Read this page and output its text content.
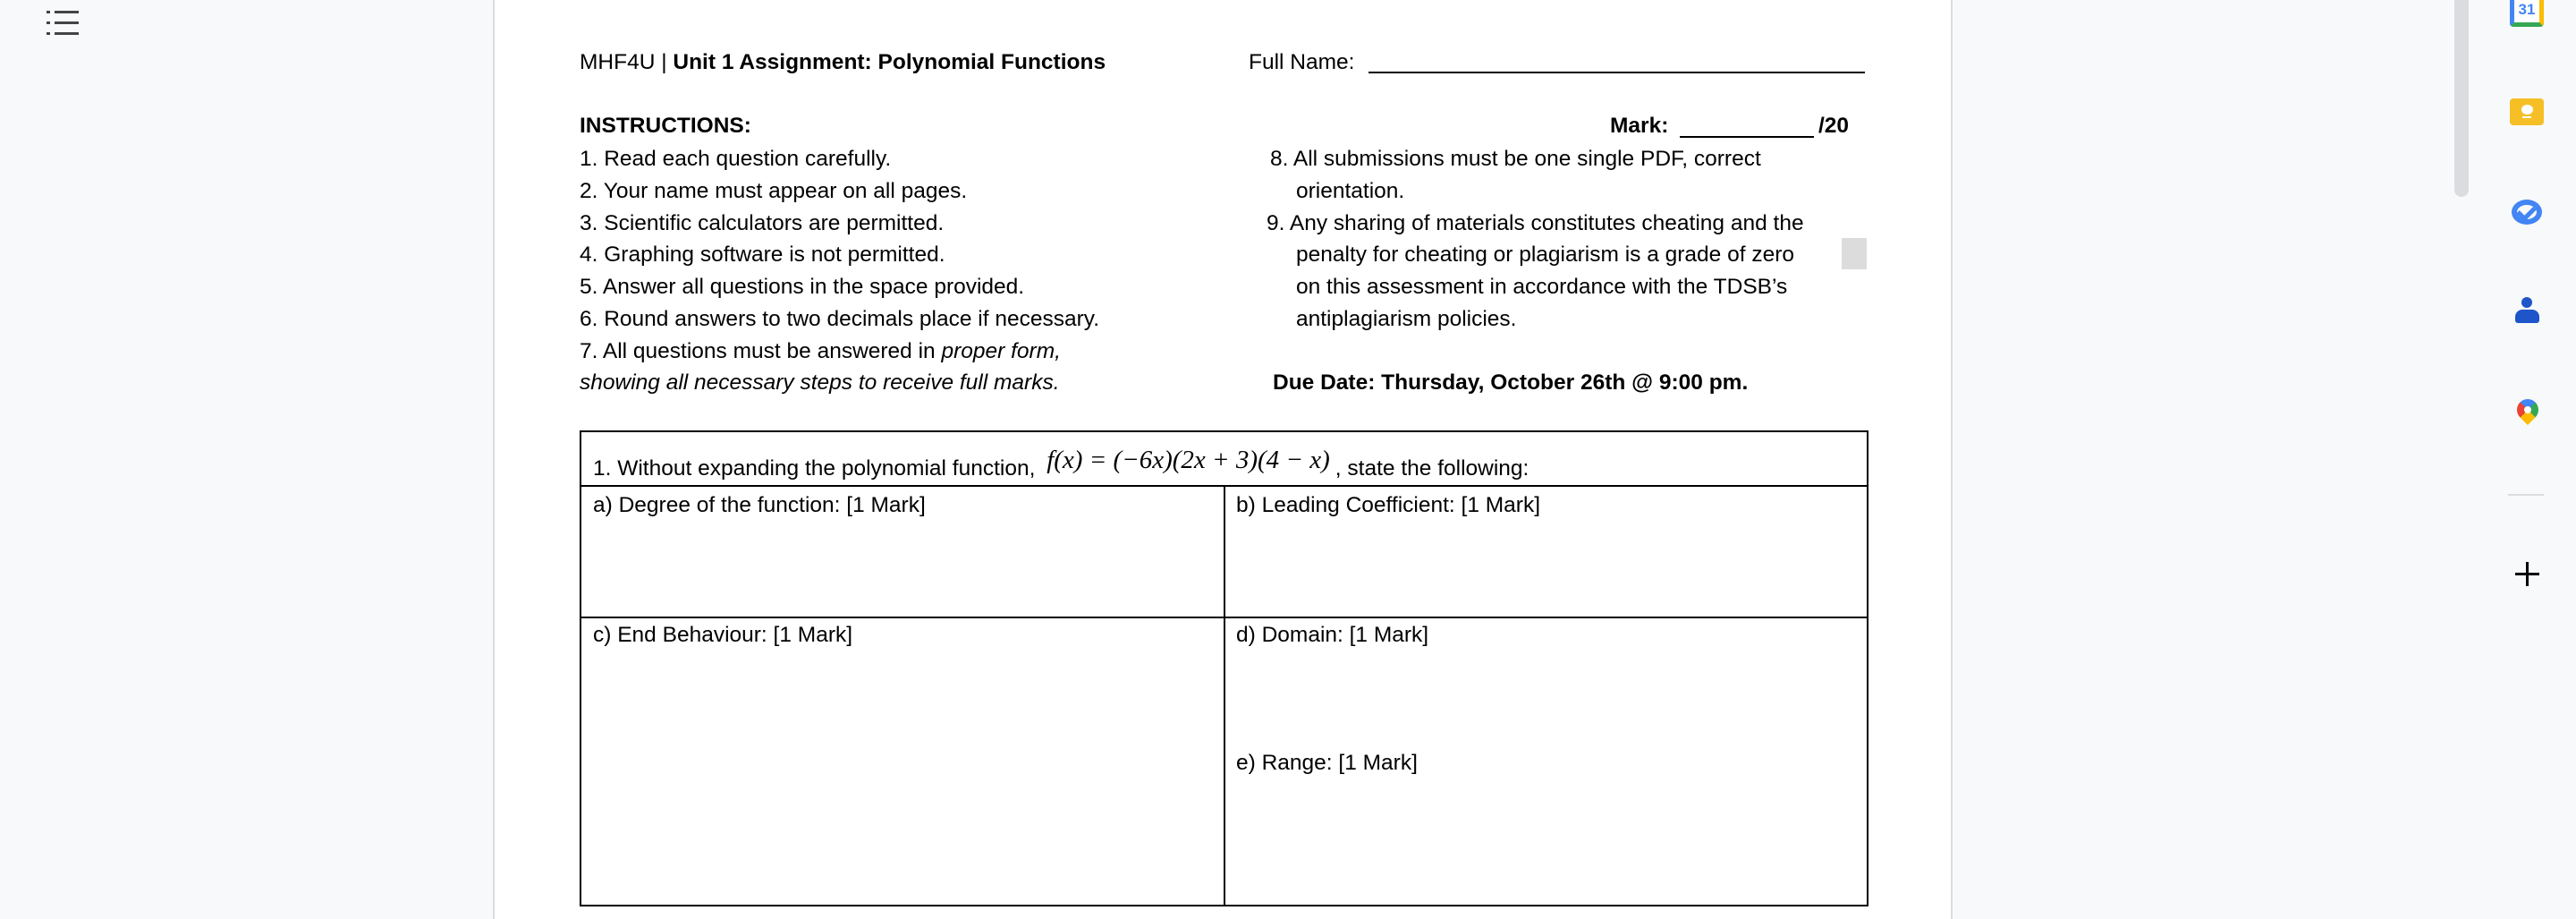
MHF4U | Unit 1 Assignment: Polynomial Functions	Full Name:
INSTRUCTIONS:	Mark:	/20
1. Read each question carefully.
2. Your name must appear on all pages.
3. Scientific calculators are permitted.
4. Graphing software is not permitted.
5. Answer all questions in the space provided.
6. Round answers to two decimals place if necessary.
7. All questions must be answered in proper form,
showing all necessary steps to receive full marks.
8. All submissions must be one single PDF, correct
orientation.
9. Any sharing of materials constitutes cheating and the
penalty for cheating or plagiarism is a grade of zero
on this assessment in accordance with the TDSB’s
antiplagiarism policies.
Due Date: Thursday, October 26th @ 9:00 pm.
1. Without expanding the polynomial function, f(x) = (−6x)(2x + 3)(4 − x) , state the following:
a) Degree of the function: [1 Mark]	b) Leading Coefficient: [1 Mark]
c) End Behaviour: [1 Mark]	d) Domain: [1 Mark]
e) Range: [1 Mark]
31
